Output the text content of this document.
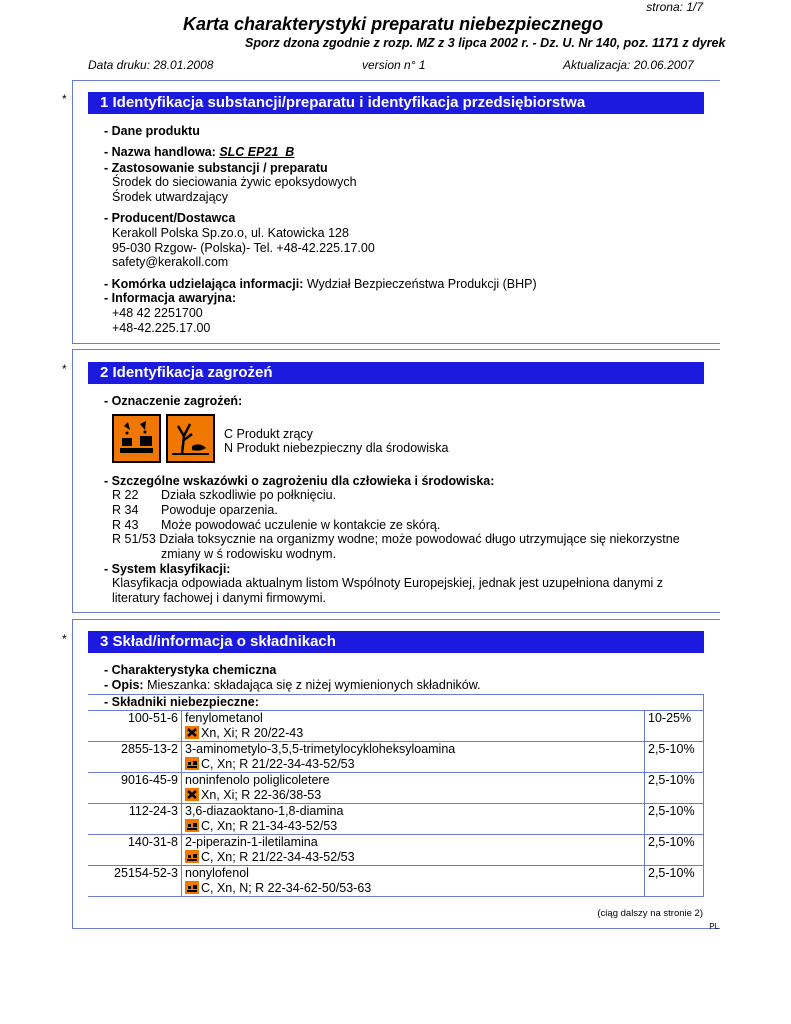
strona: 1/7
Karta charakterystyki preparatu niebezpiecznego
Sporz dzona zgodnie z rozp. MZ z 3 lipca 2002 r. - Dz. U. Nr 140, poz. 1171 z dyrek
Data druku: 28.01.2008	version n° 1	Aktualizacja: 20.06.2007
*	1 Identyfikacja substancji/preparatu i identyfikacja przedsiębiorstwa
- Dane produktu
- Nazwa handlowa: SLC EP21  B
- Zastosowanie substancji / preparatu
Środek do sieciowania żywic epoksydowych
Środek utwardzający
- Producent/Dostawca
Kerakoll Polska Sp.zo.o, ul. Katowicka 128
95-030 Rzgow- (Polska)- Tel. +48-42.225.17.00
safety@kerakoll.com
- Komórka udzielająca informacji: Wydział Bezpieczeństwa Produkcji (BHP)
- Informacja awaryjna:
+48 42 2251700
+48-42.225.17.00
*	2 Identyfikacja zagrożeń
- Oznaczenie zagrożeń:
C Produkt zrący
N Produkt niebezpieczny dla środowiska
- Szczególne wskazówki o zagrożeniu dla człowieka i środowiska:
R 22 Działa szkodliwie po połknięciu.
R 34 Powoduje oparzenia.
R 43 Może powodować uczulenie w kontakcie ze skórą.
R 51/53 Działa toksycznie na organizmy wodne; może powodować długo utrzymujące się niekorzystne
zmiany w ś rodowisku wodnym.
- System klasyfikacji:
Klasyfikacja odpowiada aktualnym listom Wspólnoty Europejskiej, jednak jest uzupełniona danymi z
literatury fachowej i danymi firmowymi.
*	3 Skład/informacja o składnikach
- Charakterystyka chemiczna
- Opis: Mieszanka: składająca się z niżej wymienionych składników.
- Składniki niebezpieczne:		
100-51-6	fenylometanol
Xn, Xi; R 20/22-43	10-25%
2855-13-2	3-aminometylo-3,5,5-trimetylocykloheksyloamina
C, Xn; R 21/22-34-43-52/53	2,5-10%
9016-45-9	noninfenolo poliglicoletere
Xn, Xi; R 22-36/38-53	2,5-10%
112-24-3	3,6-diazaoktano-1,8-diamina
C, Xn; R 21-34-43-52/53	2,5-10%
140-31-8	2-piperazin-1-iletilamina
C, Xn; R 21/22-34-43-52/53	2,5-10%
25154-52-3	nonylofenol
C, Xn, N; R 22-34-62-50/53-63	2,5-10%
(ciąg dalszy na stronie 2)
PL
